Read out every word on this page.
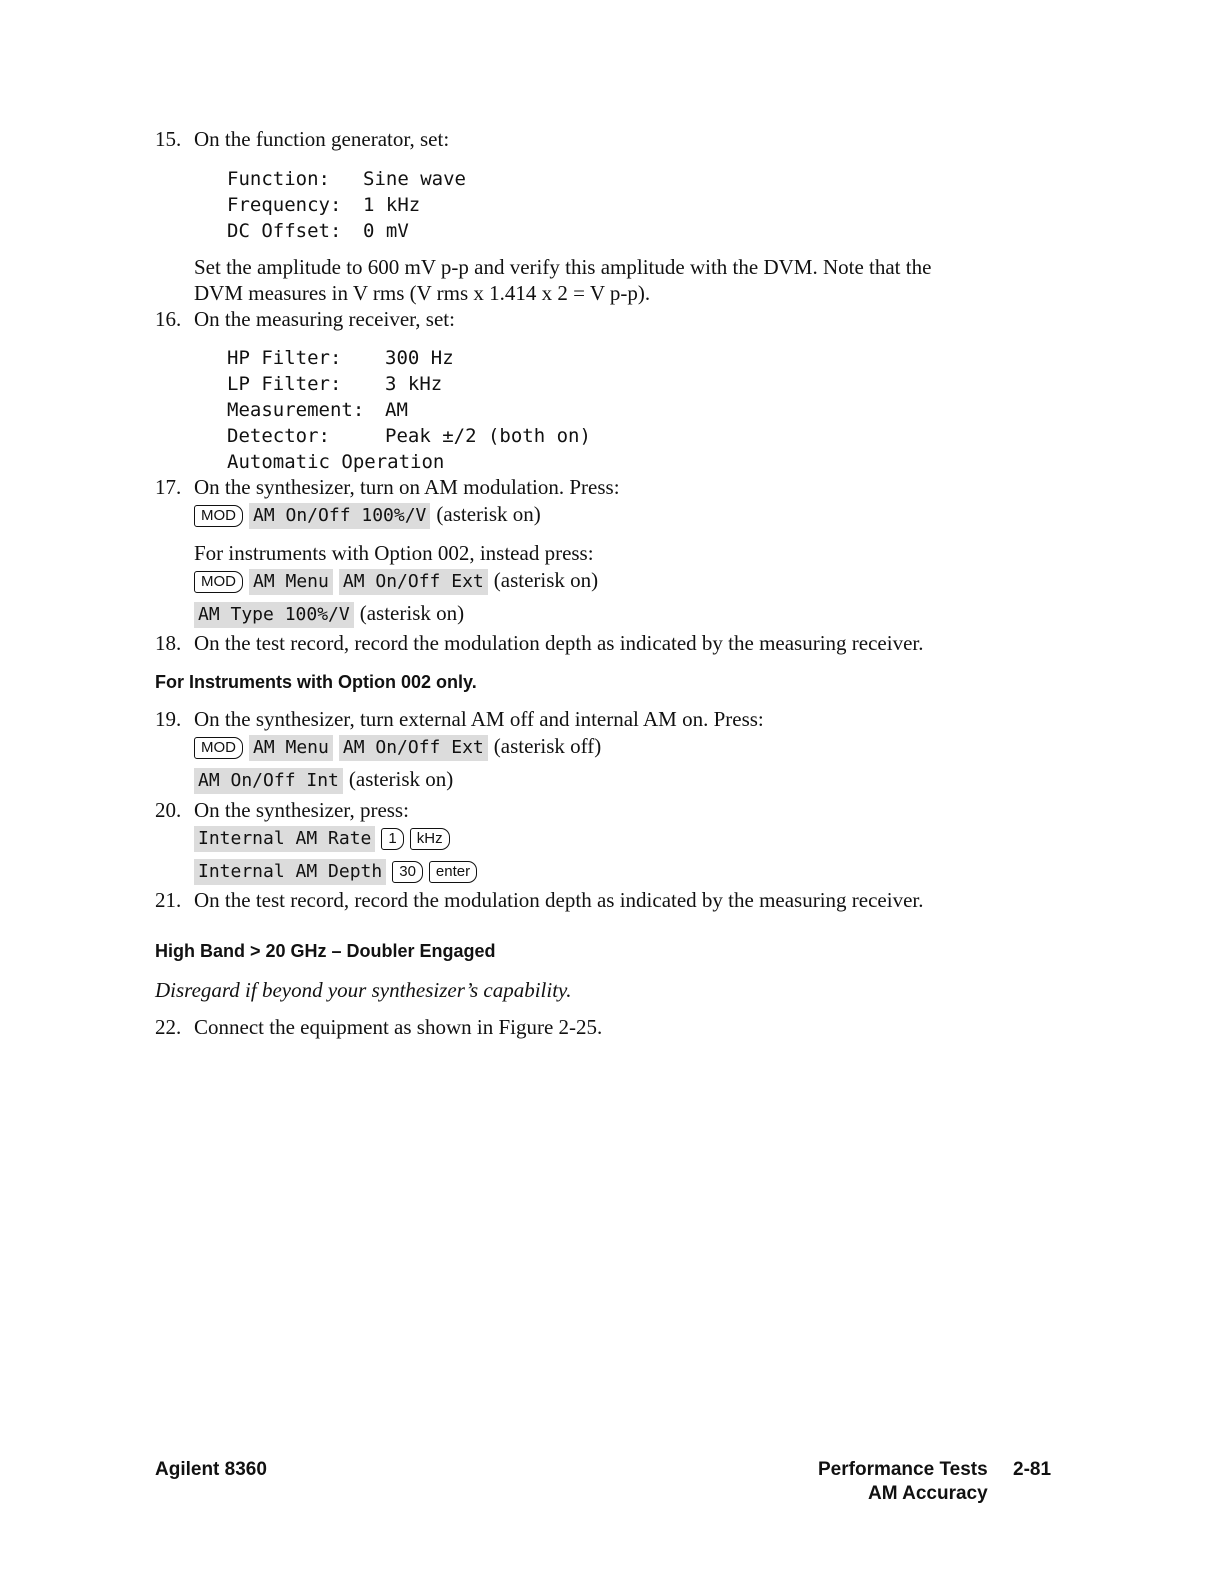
15. On the function generator, set:
Function:	Sine wave
Frequency:	1 kHz
DC Offset:	0 mV
Set the amplitude to 600 mV p-p and verify this amplitude with the DVM. Note that the
DVM measures in V rms (V rms x 1.414 x 2 = V p-p).
16. On the measuring receiver, set:
HP Filter:	300 Hz
LP Filter:	3 kHz
Measurement:	AM
Detector:	Peak ±/2 (both on)
Automatic Operation
17. On the synthesizer, turn on AM modulation. Press:
MOD AM On/Off 100%/V (asterisk on)
For instruments with Option 002, instead press:
MOD AM Menu AM On/Off Ext (asterisk on)
AM Type 100%/V (asterisk on)
18. On the test record, record the modulation depth as indicated by the measuring receiver.
For Instruments with Option 002 only.
19. On the synthesizer, turn external AM off and internal AM on. Press:
MOD AM Menu AM On/Off Ext (asterisk off)
AM On/Off Int (asterisk on)
20. On the synthesizer, press:
Internal AM Rate 1 kHz
Internal AM Depth 30 enter
21. On the test record, record the modulation depth as indicated by the measuring receiver.
High Band > 20 GHz – Doubler Engaged
Disregard if beyond your synthesizer’s capability.
22. Connect the equipment as shown in Figure 2-25.
Agilent 8360	Performance Tests 2-81
AM Accuracy
